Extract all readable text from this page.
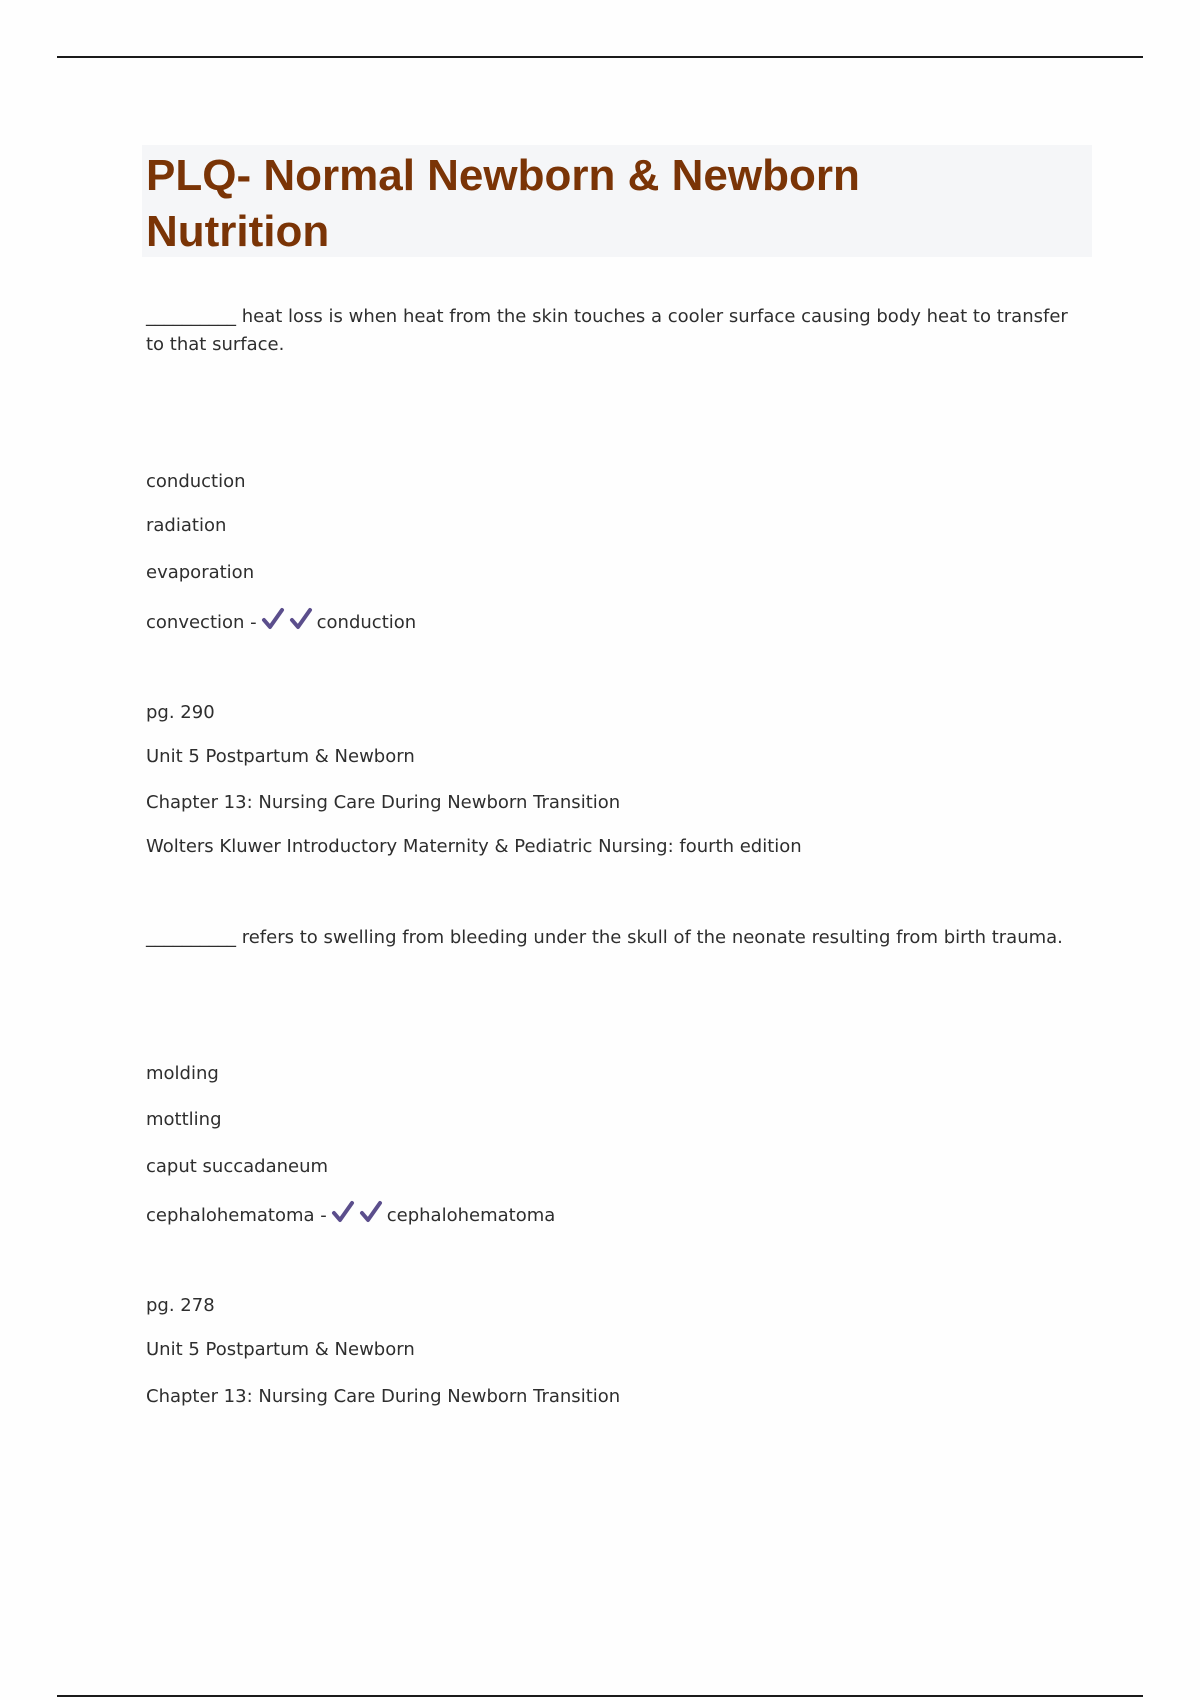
PLQ- Normal Newborn & Newborn Nutrition

__________ heat loss is when heat from the skin touches a cooler surface causing body heat to transfer to that surface.

conduction

radiation

evaporation

convection -	conduction

pg. 290

Unit 5 Postpartum & Newborn

Chapter 13: Nursing Care During Newborn Transition

Wolters Kluwer Introductory Maternity & Pediatric Nursing: fourth edition

__________ refers to swelling from bleeding under the skull of the neonate resulting from birth trauma.

molding

mottling

caput succadaneum

cephalohematoma -	cephalohematoma

pg. 278

Unit 5 Postpartum & Newborn

Chapter 13: Nursing Care During Newborn Transition
